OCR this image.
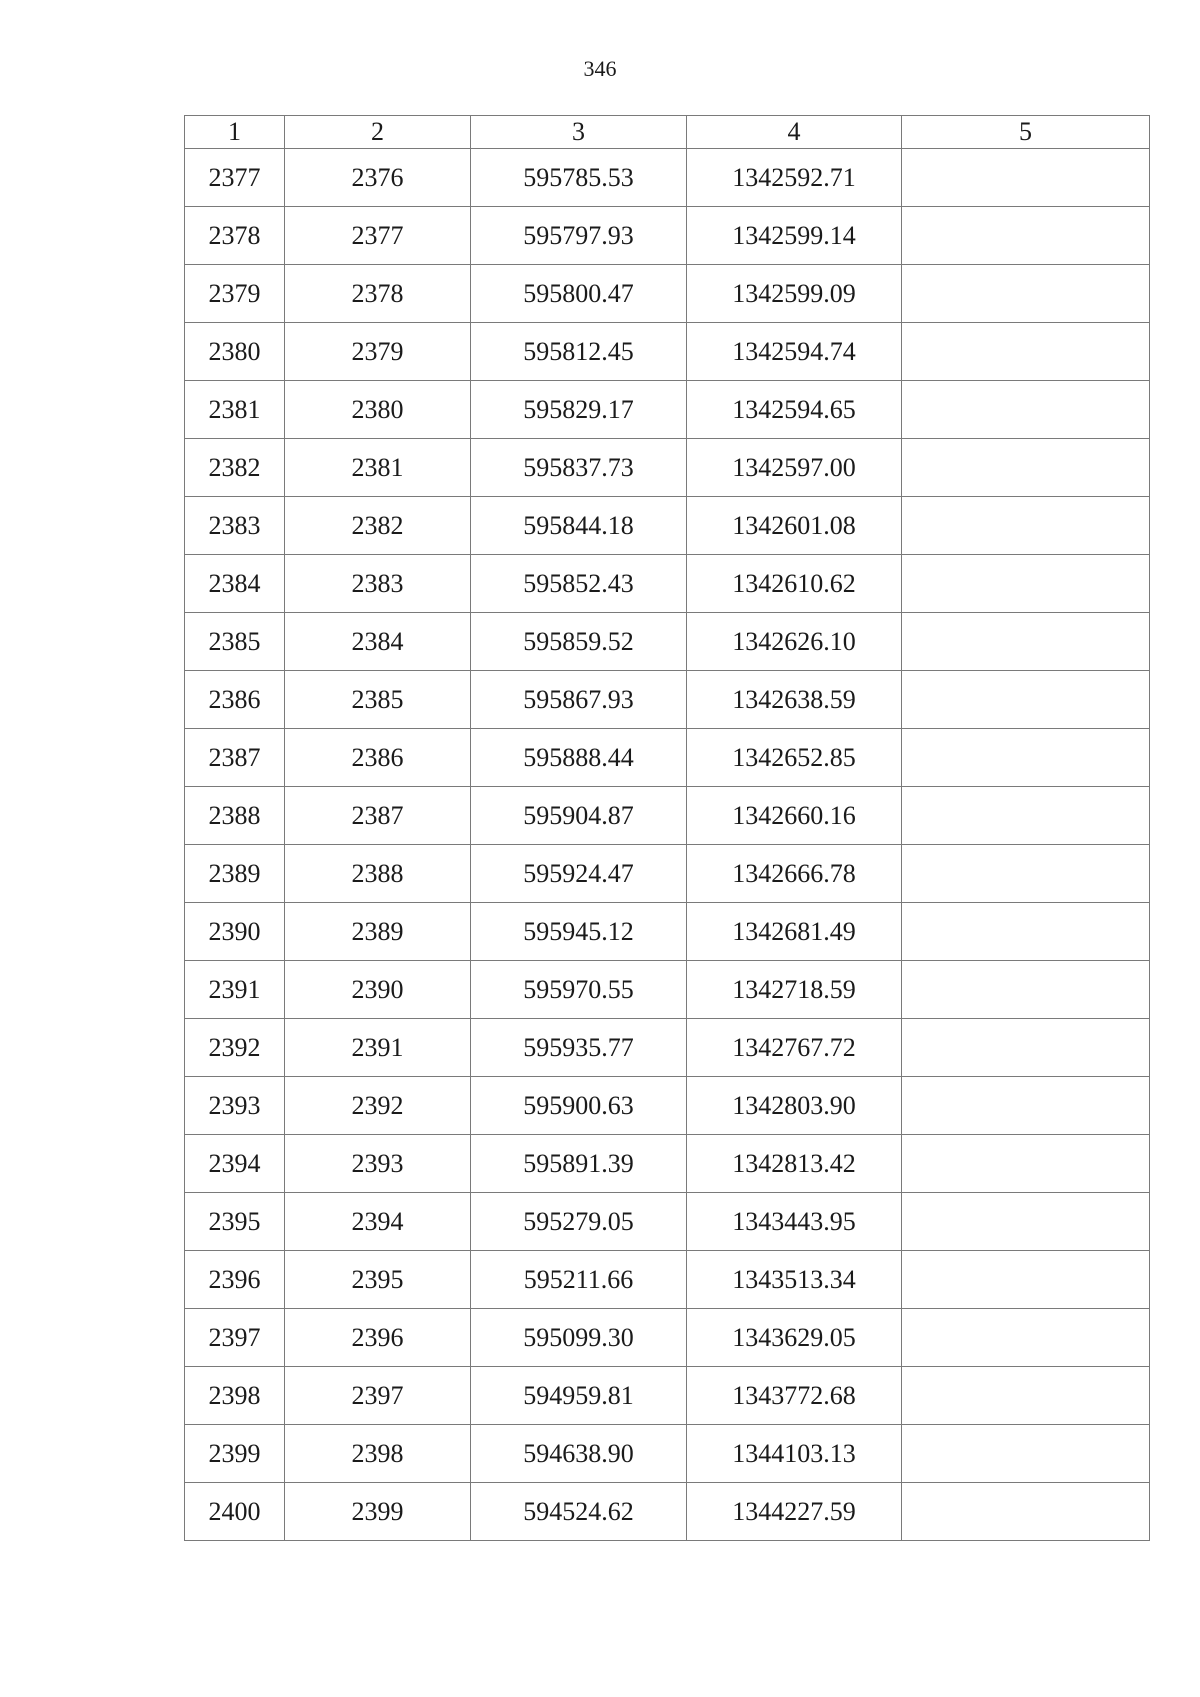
346
1	2	3	4	5
2377	2376	595785.53	1342592.71	
2378	2377	595797.93	1342599.14	
2379	2378	595800.47	1342599.09	
2380	2379	595812.45	1342594.74	
2381	2380	595829.17	1342594.65	
2382	2381	595837.73	1342597.00	
2383	2382	595844.18	1342601.08	
2384	2383	595852.43	1342610.62	
2385	2384	595859.52	1342626.10	
2386	2385	595867.93	1342638.59	
2387	2386	595888.44	1342652.85	
2388	2387	595904.87	1342660.16	
2389	2388	595924.47	1342666.78	
2390	2389	595945.12	1342681.49	
2391	2390	595970.55	1342718.59	
2392	2391	595935.77	1342767.72	
2393	2392	595900.63	1342803.90	
2394	2393	595891.39	1342813.42	
2395	2394	595279.05	1343443.95	
2396	2395	595211.66	1343513.34	
2397	2396	595099.30	1343629.05	
2398	2397	594959.81	1343772.68	
2399	2398	594638.90	1344103.13	
2400	2399	594524.62	1344227.59	
